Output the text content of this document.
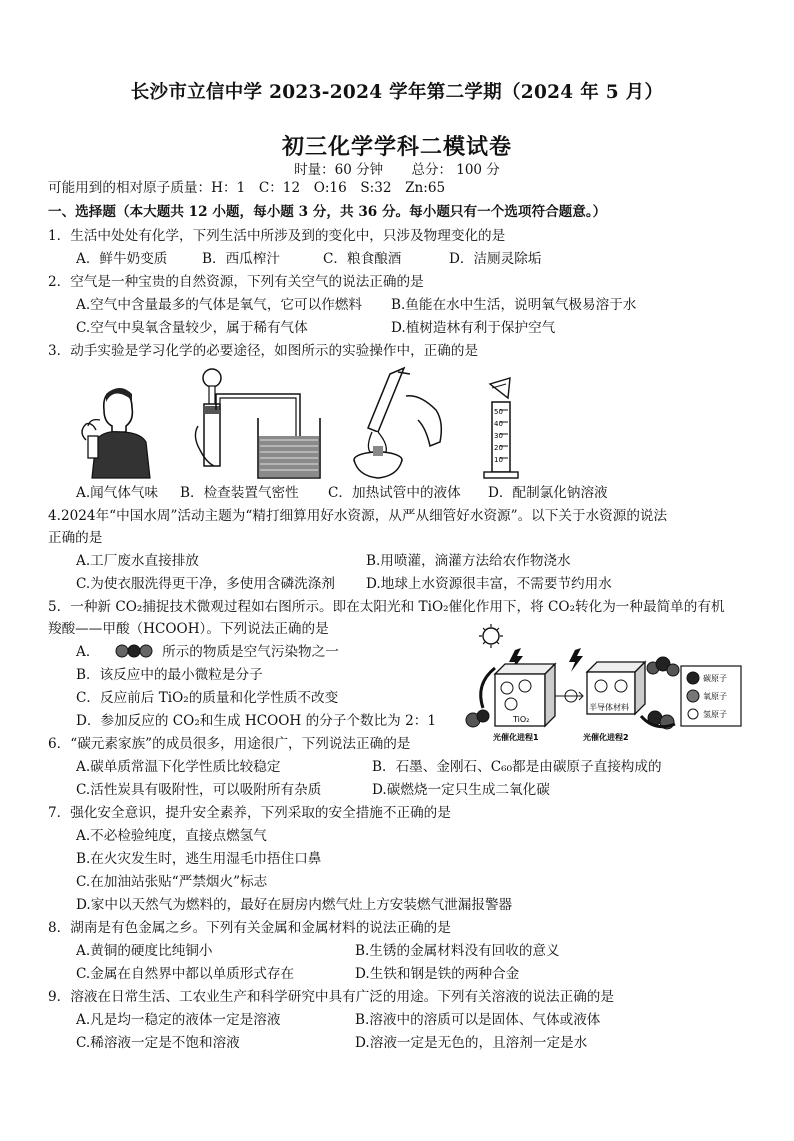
长沙市立信中学 2023-2024 学年第二学期（2024 年 5 月）
初三化学学科二模试卷
时量：60 分钟 总分： 100 分
可能用到的相对原子质量：H：1　C：12　O:16　S:32　Zn:65
一、选择题（本大题共 12 小题，每小题 3 分，共 36 分。每小题只有一个选项符合题意。）
1．生活中处处有化学，下列生活中所涉及到的变化中，只涉及物理变化的是
A．鲜牛奶变质	B．西瓜榨汁	C．粮食酿酒	D．洁厕灵除垢
2．空气是一种宝贵的自然资源，下列有关空气的说法正确的是
A.空气中含量最多的气体是氧气，它可以作燃料 B.鱼能在水中生活，说明氧气极易溶于水
C.空气中臭氧含量较少，属于稀有气体	D.植树造林有利于保护空气
3．动手实验是学习化学的必要途径，如图所示的实验操作中，正确的是
50
40
30
20
10
A.闻气体气味 B．检查装置气密性 C．加热试管中的液体 D．配制氯化钠溶液
4.2024年“中国水周”活动主题为“精打细算用好水资源，从严从细管好水资源”。以下关于水资源的说法
正确的是
A.工厂废水直接排放	B.用喷灌，滴灌方法给农作物浇水
C.为使衣服洗得更干净，多使用含磷洗涤剂 D.地球上水资源很丰富，不需要节约用水
5．一种新 CO₂捕捉技术微观过程如右图所示。即在太阳光和 TiO₂催化作用下，将 CO₂转化为一种最简单的有机
羧酸——甲酸（HCOOH）。下列说法正确的是
A．	所示的物质是空气污染物之一
B．该反应中的最小微粒是分子
C．反应前后 TiO₂的质量和化学性质不改变
D．参加反应的 CO₂和生成 HCOOH 的分子个数比为 2：1	TiO₂
半导体材料
光催化进程1	光催化进程2
碳原子
氧原子
氢原子
6．“碳元素家族”的成员很多，用途很广，下列说法正确的是
A.碳单质常温下化学性质比较稳定	B．石墨、金刚石、C₆₀都是由碳原子直接构成的
C.活性炭具有吸附性，可以吸附所有杂质	D.碳燃烧一定只生成二氧化碳
7．强化安全意识，提升安全素养，下列采取的安全措施不正确的是
A.不必检验纯度，直接点燃氢气
B.在火灾发生时，逃生用湿毛巾捂住口鼻
C.在加油站张贴“严禁烟火”标志
D.家中以天然气为燃料的，最好在厨房内燃气灶上方安装燃气泄漏报警器
8．湖南是有色金属之乡。下列有关金属和金属材料的说法正确的是
A.黄铜的硬度比纯铜小	B.生锈的金属材料没有回收的意义
C.金属在自然界中都以单质形式存在	D.生铁和钢是铁的两种合金
9．溶液在日常生活、工农业生产和科学研究中具有广泛的用途。下列有关溶液的说法正确的是
A.凡是均一稳定的液体一定是溶液	B.溶液中的溶质可以是固体、气体或液体
C.稀溶液一定是不饱和溶液	D.溶液一定是无色的，且溶剂一定是水
